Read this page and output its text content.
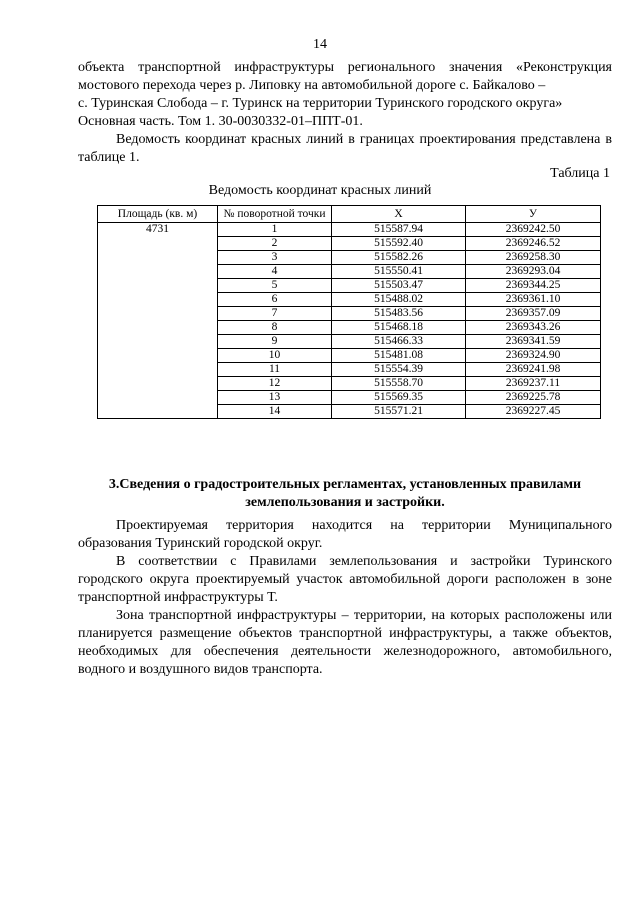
14
объекта транспортной инфраструктуры регионального значения «Реконструкция
мостового перехода через р. Липовку на автомобильной дороге с. Байкалово –
с. Туринская Слобода – г. Туринск на территории Туринского городского округа»
Основная часть. Том 1. 30-0030332-01–ППТ-01.
Ведомость координат красных линий в границах проектирования представлена в таблице 1.
Таблица 1
Ведомость координат красных линий
Площадь (кв. м)	№ поворотной точки	X	У
4731	1	515587.94	2369242.50
	2	515592.40	2369246.52
	3	515582.26	2369258.30
	4	515550.41	2369293.04
	5	515503.47	2369344.25
	6	515488.02	2369361.10
	7	515483.56	2369357.09
	8	515468.18	2369343.26
	9	515466.33	2369341.59
	10	515481.08	2369324.90
	11	515554.39	2369241.98
	12	515558.70	2369237.11
	13	515569.35	2369225.78
	14	515571.21	2369227.45
3.Сведения о градостроительных регламентах, установленных правилами землепользования и застройки.
Проектируемая территория находится на территории Муниципального образования Туринский городской округ.
В соответствии с Правилами землепользования и застройки Туринского городского округа проектируемый участок автомобильной дороги расположен в зоне транспортной инфраструктуры Т.
Зона транспортной инфраструктуры – территории, на которых расположены или планируется размещение объектов транспортной инфраструктуры, а также объектов, необходимых для обеспечения деятельности железнодорожного, автомобильного, водного и воздушного видов транспорта.
